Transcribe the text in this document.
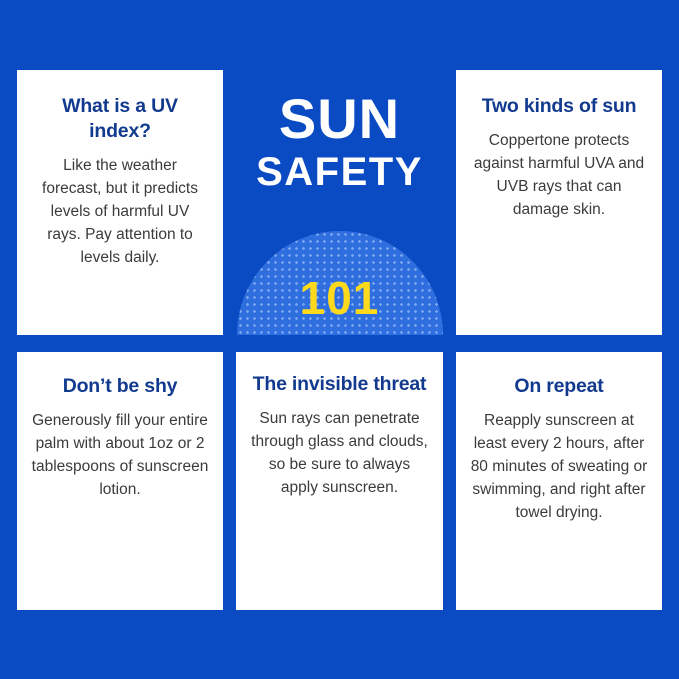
What is a UV index?

Like the weather forecast, but it predicts levels of harmful UV rays. Pay attention to levels daily.

SUN
SAFETY
101
Two kinds of sun

Coppertone protects against harmful UVA and UVB rays that can damage skin.

Don’t be shy

Generously fill your entire palm with about 1oz or 2 tablespoons of sunscreen lotion.

The invisible threat

Sun rays can penetrate through glass and clouds, so be sure to always apply sunscreen.

On repeat

Reapply sunscreen at least every 2 hours, after 80 minutes of sweating or swimming, and right after towel drying.
